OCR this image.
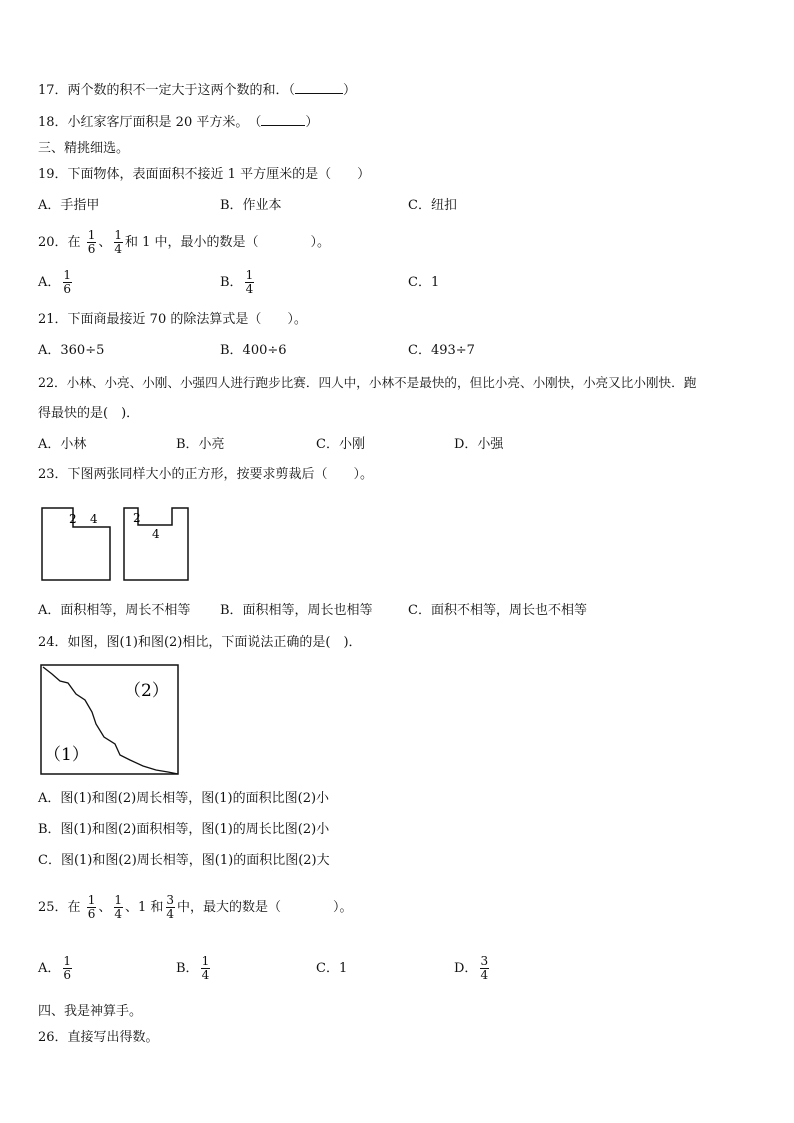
17．两个数的积不一定大于这两个数的和．（	）
18．小红家客厅面积是 20 平方米。　（	）
三、精挑细选。
19．下面物体，表面面积不接近 1 平方厘米的是（　　）
A．手指甲	B．作业本	C．纽扣
20．在 $\frac{1}{6}$ 、 $\frac{1}{4}$ 和 1 中，最小的数是（　　　　）。
A． $\frac{1}{6}$	B． $\frac{1}{4}$	C．1
21．下面商最接近 70 的除法算式是（　　）。
A．360÷5	B．400÷6	C．493÷7
22．小林、小亮、小刚、小强四人进行跑步比赛．四人中，小林不是最快的，但比小亮、小刚快，小亮又比小刚快．跑
得最快的是(　)．
A．小林	B．小亮	C．小刚	D．小强
23．下图两张同样大小的正方形，按要求剪裁后（　　）。
2 4	2
4
A．面积相等，周长不相等 B．面积相等，周长也相等	C．面积不相等，周长也不相等
24．如图，图(1)和图(2)相比，下面说法正确的是(　)．
（2）
（1）
A．图(1)和图(2)周长相等，图(1)的面积比图(2)小
B．图(1)和图(2)面积相等，图(1)的周长比图(2)小
C．图(1)和图(2)周长相等，图(1)的面积比图(2)大
25．在 $\frac{1}{6}$ 、 $\frac{1}{4}$ 、1 和 $\frac{3}{4}$ 中，最大的数是（　　　　）。
A． $\frac{1}{6}$	B． $\frac{1}{4}$	C．1	D． $\frac{3}{4}$
四、我是神算手。
26．直接写出得数。
